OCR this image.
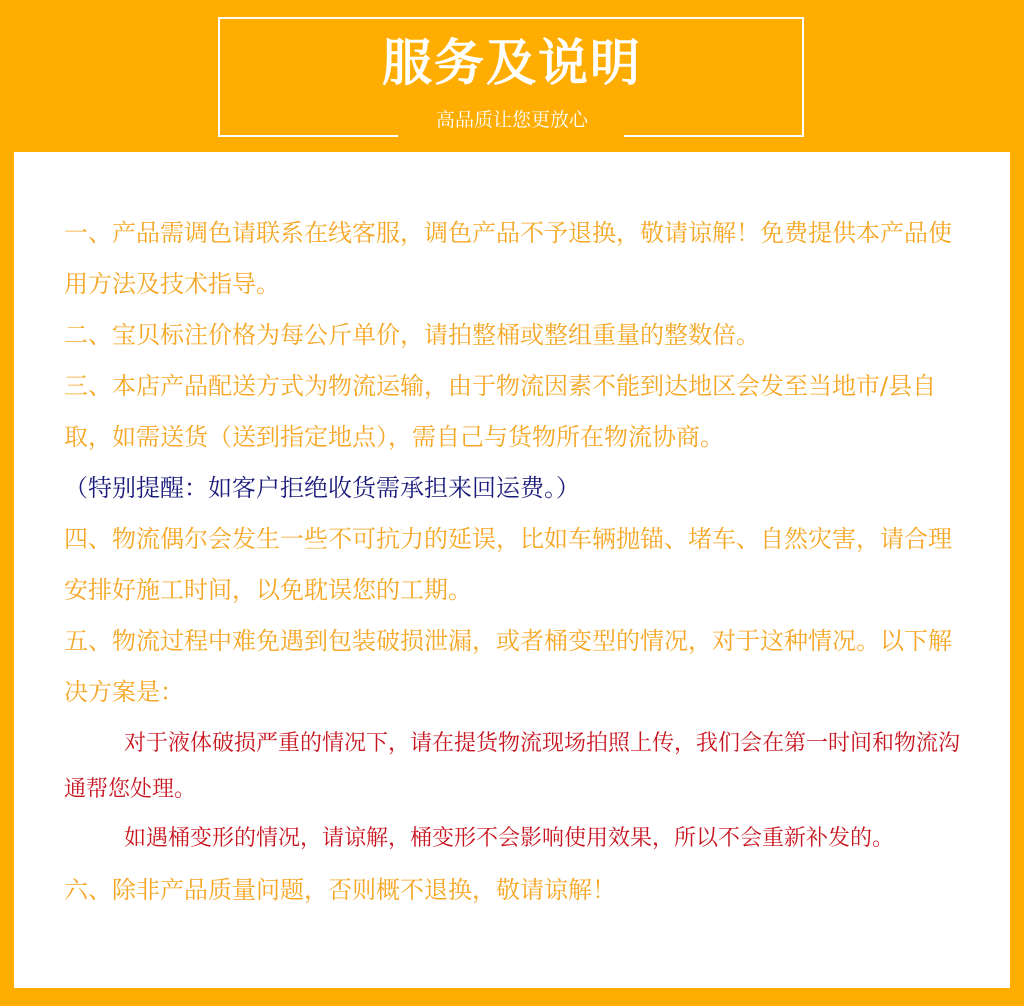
服务及说明
高品质让您更放心

一、产品需调色请联系在线客服，调色产品不予退换，敬请谅解！免费提供本产品使用方法及技术指导。

二、宝贝标注价格为每公斤单价，请拍整桶或整组重量的整数倍。

三、本店产品配送方式为物流运输，由于物流因素不能到达地区会发至当地市/县自取，如需送货（送到指定地点），需自己与货物所在物流协商。

（特别提醒：如客户拒绝收货需承担来回运费。）

四、物流偶尔会发生一些不可抗力的延误，比如车辆抛锚、堵车、自然灾害，请合理安排好施工时间，以免耽误您的工期。

五、物流过程中难免遇到包装破损泄漏，或者桶变型的情况，对于这种情况。以下解决方案是：

对于液体破损严重的情况下，请在提货物流现场拍照上传，我们会在第一时间和物流沟通帮您处理。

如遇桶变形的情况，请谅解，桶变形不会影响使用效果，所以不会重新补发的。

六、除非产品质量问题，否则概不退换，敬请谅解！
